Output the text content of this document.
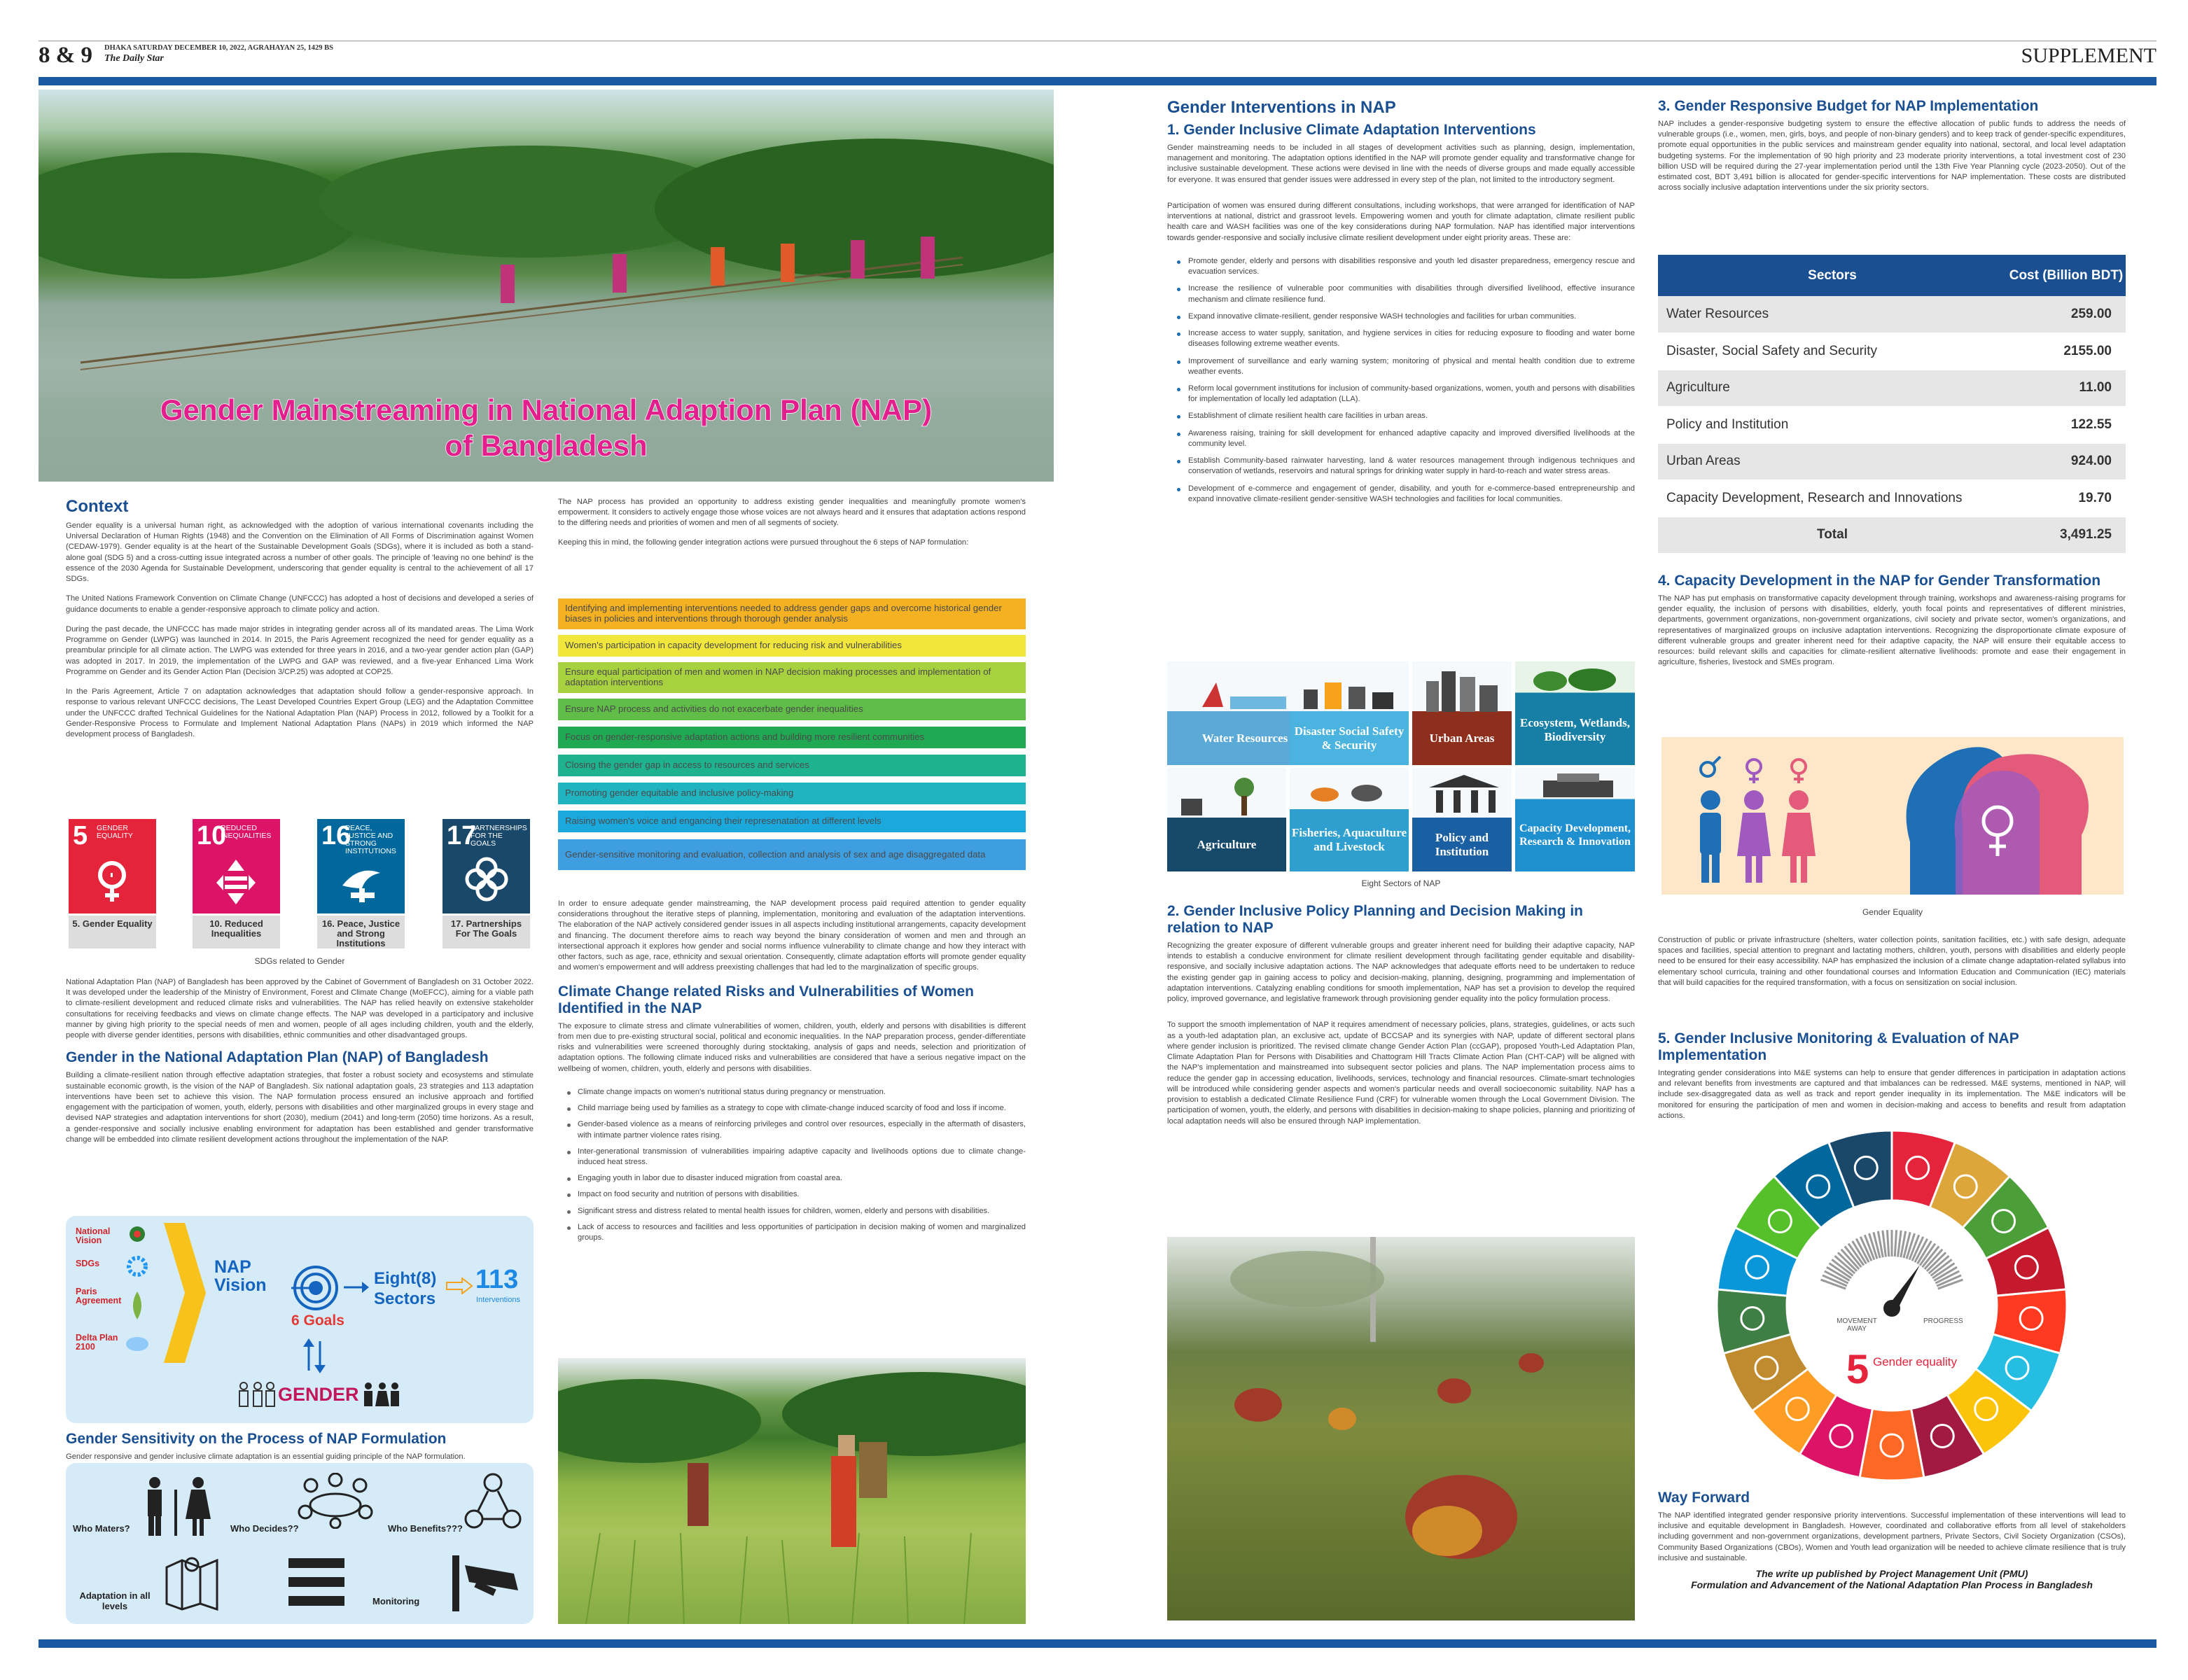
8 & 9 DHAKA SATURDAY DECEMBER 10, 2022, AGRAHAYAN 25, 1429 BS
The Daily Star	SUPPLEMENT
Gender Mainstreaming in National Adaption Plan (NAP)
of Bangladesh
Context

Gender equality is a universal human right, as acknowledged with the adoption of various international covenants including the Universal Declaration of Human Rights (1948) and the Convention on the Elimination of All Forms of Discrimination against Women (CEDAW-1979). Gender equality is at the heart of the Sustainable Development Goals (SDGs), where it is included as both a stand-alone goal (SDG 5) and a cross-cutting issue integrated across a number of other goals. The principle of 'leaving no one behind' is the essence of the 2030 Agenda for Sustainable Development, underscoring that gender equality is central to the achievement of all 17 SDGs.

The United Nations Framework Convention on Climate Change (UNFCCC) has adopted a host of decisions and developed a series of guidance documents to enable a gender-responsive approach to climate policy and action.

During the past decade, the UNFCCC has made major strides in integrating gender across all of its mandated areas. The Lima Work Programme on Gender (LWPG) was launched in 2014. In 2015, the Paris Agreement recognized the need for gender equality as a preambular principle for all climate action. The LWPG was extended for three years in 2016, and a two-year gender action plan (GAP) was adopted in 2017. In 2019, the implementation of the LWPG and GAP was reviewed, and a five-year Enhanced Lima Work Programme on Gender and its Gender Action Plan (Decision 3/CP.25) was adopted at COP25.

In the Paris Agreement, Article 7 on adaptation acknowledges that adaptation should follow a gender-responsive approach. In response to various relevant UNFCCC decisions, The Least Developed Countries Expert Group (LEG) and the Adaptation Committee under the UNFCCC drafted Technical Guidelines for the National Adaptation Plan (NAP) Process in 2012, followed by a Toolkit for a Gender-Responsive Process to Formulate and Implement National Adaptation Plans (NAPs) in 2019 which informed the NAP development process of Bangladesh.

5 GENDER EQUALITY
5. Gender Equality
10
REDUCED INEQUALITIES
10. Reduced Inequalities
16
PEACE, JUSTICE AND STRONG INSTITUTIONS
16. Peace, Justice and Strong Institutions
17
PARTNERSHIPS FOR THE GOALS
17. Partnerships For The Goals
SDGs related to Gender

National Adaptation Plan (NAP) of Bangladesh has been approved by the Cabinet of Government of Bangladesh on 31 October 2022. It was developed under the leadership of the Ministry of Environment, Forest and Climate Change (MoEFCC), aiming for a viable path to climate-resilient development and reduced climate risks and vulnerabilities. The NAP has relied heavily on extensive stakeholder consultations for receiving feedbacks and views on climate change effects. The NAP was developed in a participatory and inclusive manner by giving high priority to the special needs of men and women, people of all ages including children, youth and the elderly, people with diverse gender identities, persons with disabilities, ethnic communities and other disadvantaged groups.

Gender in the National Adaptation Plan (NAP) of Bangladesh

Building a climate-resilient nation through effective adaptation strategies, that foster a robust society and ecosystems and stimulate sustainable economic growth, is the vision of the NAP of Bangladesh. Six national adaptation goals, 23 strategies and 113 adaptation interventions have been set to achieve this vision. The NAP formulation process ensured an inclusive approach and fortified engagement with the participation of women, youth, elderly, persons with disabilities and other marginalized groups in every stage and devised NAP strategies and adaptation interventions for short (2030), medium (2041) and long-term (2050) time horizons. As a result, a gender-responsive and socially inclusive enabling environment for adaptation has been established and gender transformative change will be embedded into climate resilient development actions throughout the implementation of the NAP.

National Vision
SDGs
Paris Agreement
Delta Plan 2100
NAP Vision
6 Goals
Eight(8) Sectors
113
Interventions
GENDER
Gender Sensitivity on the Process of NAP Formulation

Gender responsive and gender inclusive climate adaptation is an essential guiding principle of the NAP formulation.

Who Maters?	Who Decides??	Who Benefits???
Adaptation in all levels	Monitoring

The NAP process has provided an opportunity to address existing gender inequalities and meaningfully promote women's empowerment. It considers to actively engage those whose voices are not always heard and it ensures that adaptation actions respond to the differing needs and priorities of women and men of all segments of society.

Keeping this in mind, the following gender integration actions were pursued throughout the 6 steps of NAP formulation:

Identifying and implementing interventions needed to address gender gaps and overcome historical gender biases in policies and interventions through thorough gender analysis
Women's participation in capacity development for reducing risk and vulnerabilities
Ensure equal participation of men and women in NAP decision making processes and implementation of adaptation interventions
Ensure NAP process and activities do not exacerbate gender inequalities
Focus on gender-responsive adaptation actions and building more resilient communities
Closing the gender gap in access to resources and services
Promoting gender equitable and inclusive policy-making
Raising women's voice and engancing their represenatation at different levels
Gender-sensitive monitoring and evaluation, collection and analysis of sex and age disaggregated data

In order to ensure adequate gender mainstreaming, the NAP development process paid required attention to gender equality considerations throughout the iterative steps of planning, implementation, monitoring and evaluation of the adaptation interventions. The elaboration of the NAP actively considered gender issues in all aspects including institutional arrangements, capacity development and financing. The document therefore aims to reach way beyond the binary consideration of women and men and through an intersectional approach it explores how gender and social norms influence vulnerability to climate change and how they interact with other factors, such as age, race, ethnicity and sexual orientation. Consequently, climate adaptation efforts will promote gender equality and women's empowerment and will address preexisting challenges that had led to the marginalization of specific groups.

Climate Change related Risks and Vulnerabilities of Women Identified in the NAP

The exposure to climate stress and climate vulnerabilities of women, children, youth, elderly and persons with disabilities is different from men due to pre-existing structural social, political and economic inequalities. In the NAP preparation process, gender-differentiate risks and vulnerabilities were screened thoroughly during stocktaking, analysis of gaps and needs, selection and prioritization of adaptation options. The following climate induced risks and vulnerabilities are considered that have a serious negative impact on the wellbeing of women, children, youth, elderly and persons with disabilities.

Climate change impacts on women's nutritional status during pregnancy or menstruation.
Child marriage being used by families as a strategy to cope with climate-change induced scarcity of food and loss if income.
Gender-based violence as a means of reinforcing privileges and control over resources, especially in the aftermath of disasters, with intimate partner violence rates rising.
Inter-generational transmission of vulnerabilities impairing adaptive capacity and livelihoods options due to climate change-induced heat stress.
Engaging youth in labor due to disaster induced migration from coastal area.
Impact on food security and nutrition of persons with disabilities.
Significant stress and distress related to mental health issues for children, women, elderly and persons with disabilities.
Lack of access to resources and facilities and less opportunities of participation in decision making of women and marginalized groups.
Gender Interventions in NAP
1. Gender Inclusive Climate Adaptation Interventions

Gender mainstreaming needs to be included in all stages of development activities such as planning, design, implementation, management and monitoring. The adaptation options identified in the NAP will promote gender equality and transformative change for inclusive sustainable development. These actions were devised in line with the needs of diverse groups and made equally accessible for everyone. It was ensured that gender issues were addressed in every step of the plan, not limited to the introductory segment.

Participation of women was ensured during different consultations, including workshops, that were arranged for identification of NAP interventions at national, district and grassroot levels. Empowering women and youth for climate adaptation, climate resilient public health care and WASH facilities was one of the key considerations during NAP formulation. NAP has identified major interventions towards gender-responsive and socially inclusive climate resilient development under eight priority areas. These are:

Promote gender, elderly and persons with disabilities responsive and youth led disaster preparedness, emergency rescue and evacuation services.
Increase the resilience of vulnerable poor communities with disabilities through diversified livelihood, effective insurance mechanism and climate resilience fund.
Expand innovative climate-resilient, gender responsive WASH technologies and facilities for urban communities.
Increase access to water supply, sanitation, and hygiene services in cities for reducing exposure to flooding and water borne diseases following extreme weather events.
Improvement of surveillance and early warning system; monitoring of physical and mental health condition due to extreme weather events.
Reform local government institutions for inclusion of community-based organizations, women, youth and persons with disabilities for implementation of locally led adaptation (LLA).
Establishment of climate resilient health care facilities in urban areas.
Awareness raising, training for skill development for enhanced adaptive capacity and improved diversified livelihoods at the community level.
Establish Community-based rainwater harvesting, land & water resources management through indigenous techniques and conservation of wetlands, reservoirs and natural springs for drinking water supply in hard-to-reach and water stress areas.
Development of e-commerce and engagement of gender, disability, and youth for e-commerce-based entrepreneurship and expand innovative climate-resilient gender-sensitive WASH technologies and facilities for local communities.
Water Resources
Disaster Social Safety & Security
Urban Areas
Ecosystem, Wetlands, Biodiversity
Agriculture
Fisheries, Aquaculture and Livestock
Policy and Institution
Capacity Development, Research & Innovation
Eight Sectors of NAP
2. Gender Inclusive Policy Planning and Decision Making in relation to NAP

Recognizing the greater exposure of different vulnerable groups and greater inherent need for building their adaptive capacity, NAP intends to establish a conducive environment for climate resilient development through facilitating gender equitable and disability-responsive, and socially inclusive adaptation actions. The NAP acknowledges that adequate efforts need to be undertaken to reduce the existing gender gap in gaining access to policy and decision-making, planning, designing, programming and implementation of adaptation interventions. Catalyzing enabling conditions for smooth implementation, NAP has set a provision to develop the required policy, improved governance, and legislative framework through provisioning gender equality into the policy formulation process.

To support the smooth implementation of NAP it requires amendment of necessary policies, plans, strategies, guidelines, or acts such as a youth-led adaptation plan, an exclusive act, update of BCCSAP and its synergies with NAP, update of different sectoral plans where gender inclusion is prioritized. The revised climate change Gender Action Plan (ccGAP), proposed Youth-Led Adaptation Plan, Climate Adaptation Plan for Persons with Disabilities and Chattogram Hill Tracts Climate Action Plan (CHT-CAP) will be aligned with the NAP's implementation and mainstreamed into subsequent sector policies and plans. The NAP implementation process aims to reduce the gender gap in accessing education, livelihoods, services, technology and financial resources. Climate-smart technologies will be introduced while considering gender aspects and women's particular needs and overall socioeconomic suitability. NAP has a provision to establish a dedicated Climate Resilience Fund (CRF) for vulnerable women through the Local Government Division. The participation of women, youth, the elderly, and persons with disabilities in decision-making to shape policies, planning and prioritizing of local adaptation needs will also be ensured through NAP implementation.

3. Gender Responsive Budget for NAP Implementation

NAP includes a gender-responsive budgeting system to ensure the effective allocation of public funds to address the needs of vulnerable groups (i.e., women, men, girls, boys, and people of non-binary genders) and to keep track of gender-specific expenditures, promote equal opportunities in the public services and mainstream gender equality into national, sectoral, and local level adaptation budgeting systems. For the implementation of 90 high priority and 23 moderate priority interventions, a total investment cost of 230 billion USD will be required during the 27-year implementation period until the 13th Five Year Planning cycle (2023-2050). Out of the estimated cost, BDT 3,491 billion is allocated for gender-specific interventions for NAP implementation. These costs are distributed across socially inclusive adaptation interventions under the six priority sectors.

Sectors	Cost (Billion BDT)
Water Resources	259.00
Disaster, Social Safety and Security	2155.00
Agriculture	11.00
Policy and Institution	122.55
Urban Areas	924.00
Capacity Development, Research and Innovations	19.70
Total	3,491.25
4. Capacity Development in the NAP for Gender Transformation

The NAP has put emphasis on transformative capacity development through training, workshops and awareness-raising programs for gender equality, the inclusion of persons with disabilities, elderly, youth focal points and representatives of different ministries, departments, government organizations, non-government organizations, civil society and private sector, women's organizations, and representatives of marginalized groups on inclusive adaptation interventions. Recognizing the disproportionate climate exposure of different vulnerable groups and greater inherent need for their adaptive capacity, the NAP will ensure their equitable access to resources: build relevant skills and capacities for climate-resilient alternative livelihoods: promote and ease their engagement in agriculture, fisheries, livestock and SMEs program.

Gender Equality

Construction of public or private infrastructure (shelters, water collection points, sanitation facilities, etc.) with safe design, adequate spaces and facilities, special attention to pregnant and lactating mothers, children, youth, persons with disabilities and elderly people need to be ensured for their easy accessibility. NAP has emphasized the inclusion of a climate change adaptation-related syllabus into elementary school curricula, training and other foundational courses and Information Education and Communication (IEC) materials that will build capacities for the required transformation, with a focus on sensitization on social inclusion.

5. Gender Inclusive Monitoring & Evaluation of NAP Implementation

Integrating gender considerations into M&E systems can help to ensure that gender differences in participation in adaptation actions and relevant benefits from investments are captured and that imbalances can be redressed. M&E systems, mentioned in NAP, will include sex-disaggregated data as well as track and report gender inequality in its implementation. The M&E indicators will be monitored for ensuring the participation of men and women in decision-making and access to benefits and result from adaptation actions.

MOVEMENT AWAY
PROGRESS
5 Gender equality
Way Forward

The NAP identified integrated gender responsive priority interventions. Successful implementation of these interventions will lead to inclusive and equitable development in Bangladesh. However, coordinated and collaborative efforts from all level of stakeholders including government and non-government organizations, development partners, Private Sectors, Civil Society Organization (CSOs), Community Based Organizations (CBOs), Women and Youth lead organization will be needed to achieve climate resilience that is truly inclusive and sustainable.

The write up published by Project Management Unit (PMU)
Formulation and Advancement of the National Adaptation Plan Process in Bangladesh
